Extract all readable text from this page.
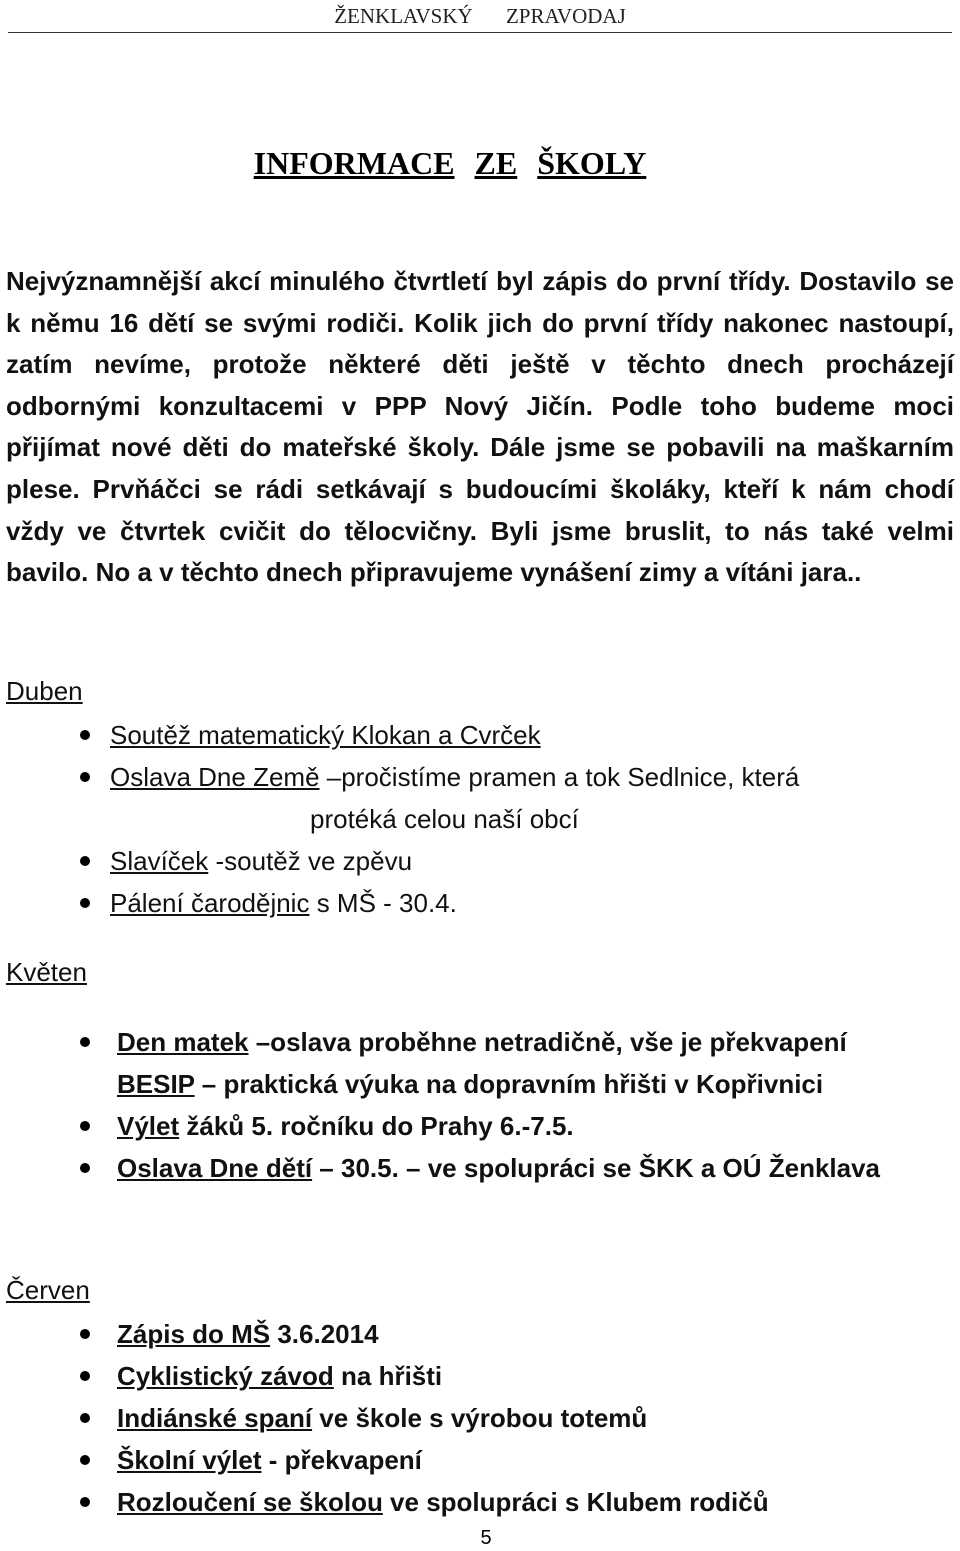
ŽENKLAVSKÝ ZPRAVODAJ
INFORMACE ZE ŠKOLY
Nejvýznamnější akcí minulého čtvrtletí byl zápis do první třídy. Dostavilo se k němu 16 dětí se svými rodiči. Kolik jich do první třídy nakonec nastoupí, zatím nevíme, protože některé děti ještě v těchto dnech procházejí odbornými konzultacemi v PPP Nový Jičín. Podle toho budeme moci přijímat nové děti do mateřské školy. Dále jsme se pobavili na maškarním plese. Prvňáčci se rádi setkávají s budoucími školáky, kteří k nám chodí vždy ve čtvrtek cvičit do tělocvičny. Byli jsme bruslit, to nás také velmi bavilo. No a v těchto dnech připravujeme vynášení zimy a vítáni jara..
Duben
Soutěž matematický Klokan a Cvrček
Oslava Dne Země –pročistíme pramen a tok Sedlnice, která
protéká celou naší obcí
Slavíček -soutěž ve zpěvu
Pálení čarodějnic s MŠ - 30.4.
Květen
Den matek –oslava proběhne netradičně, vše je překvapení
BESIP – praktická výuka na dopravním hřišti v Kopřivnici
Výlet žáků 5. ročníku do Prahy 6.-7.5.
Oslava Dne dětí – 30.5. – ve spolupráci se ŠKK a OÚ Ženklava
Červen
Zápis do MŠ 3.6.2014
Cyklistický závod na hřišti
Indiánské spaní ve škole s výrobou totemů
Školní výlet - překvapení
Rozloučení se školou ve spolupráci s Klubem rodičů
5
